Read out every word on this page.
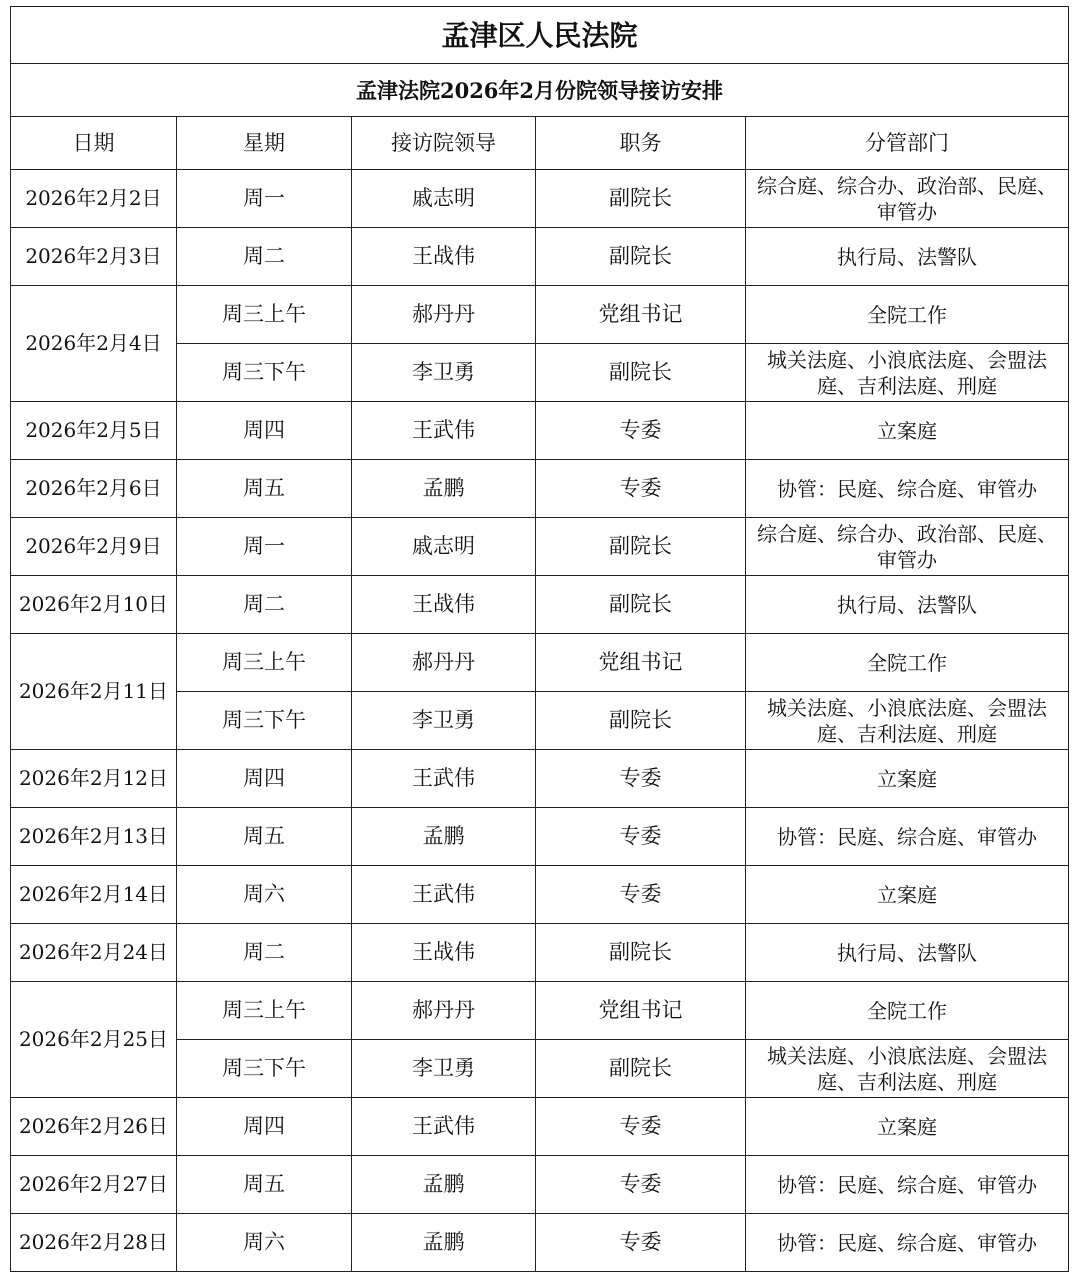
孟津区人民法院				
孟津法院2026年2月份院领导接访安排				
日期	星期	接访院领导	职务	分管部门
2026年2月2日	周一	戚志明	副院长	综合庭、综合办、政治部、民庭、审管办
2026年2月3日	周二	王战伟	副院长	执行局、法警队
2026年2月4日	周三上午	郝丹丹	党组书记	全院工作
	周三下午	李卫勇	副院长	城关法庭、小浪底法庭、会盟法庭、吉利法庭、刑庭
2026年2月5日	周四	王武伟	专委	立案庭
2026年2月6日	周五	孟鹏	专委	协管：民庭、综合庭、审管办
2026年2月9日	周一	戚志明	副院长	综合庭、综合办、政治部、民庭、审管办
2026年2月10日	周二	王战伟	副院长	执行局、法警队
2026年2月11日	周三上午	郝丹丹	党组书记	全院工作
	周三下午	李卫勇	副院长	城关法庭、小浪底法庭、会盟法庭、吉利法庭、刑庭
2026年2月12日	周四	王武伟	专委	立案庭
2026年2月13日	周五	孟鹏	专委	协管：民庭、综合庭、审管办
2026年2月14日	周六	王武伟	专委	立案庭
2026年2月24日	周二	王战伟	副院长	执行局、法警队
2026年2月25日	周三上午	郝丹丹	党组书记	全院工作
	周三下午	李卫勇	副院长	城关法庭、小浪底法庭、会盟法庭、吉利法庭、刑庭
2026年2月26日	周四	王武伟	专委	立案庭
2026年2月27日	周五	孟鹏	专委	协管：民庭、综合庭、审管办
2026年2月28日	周六	孟鹏	专委	协管：民庭、综合庭、审管办
